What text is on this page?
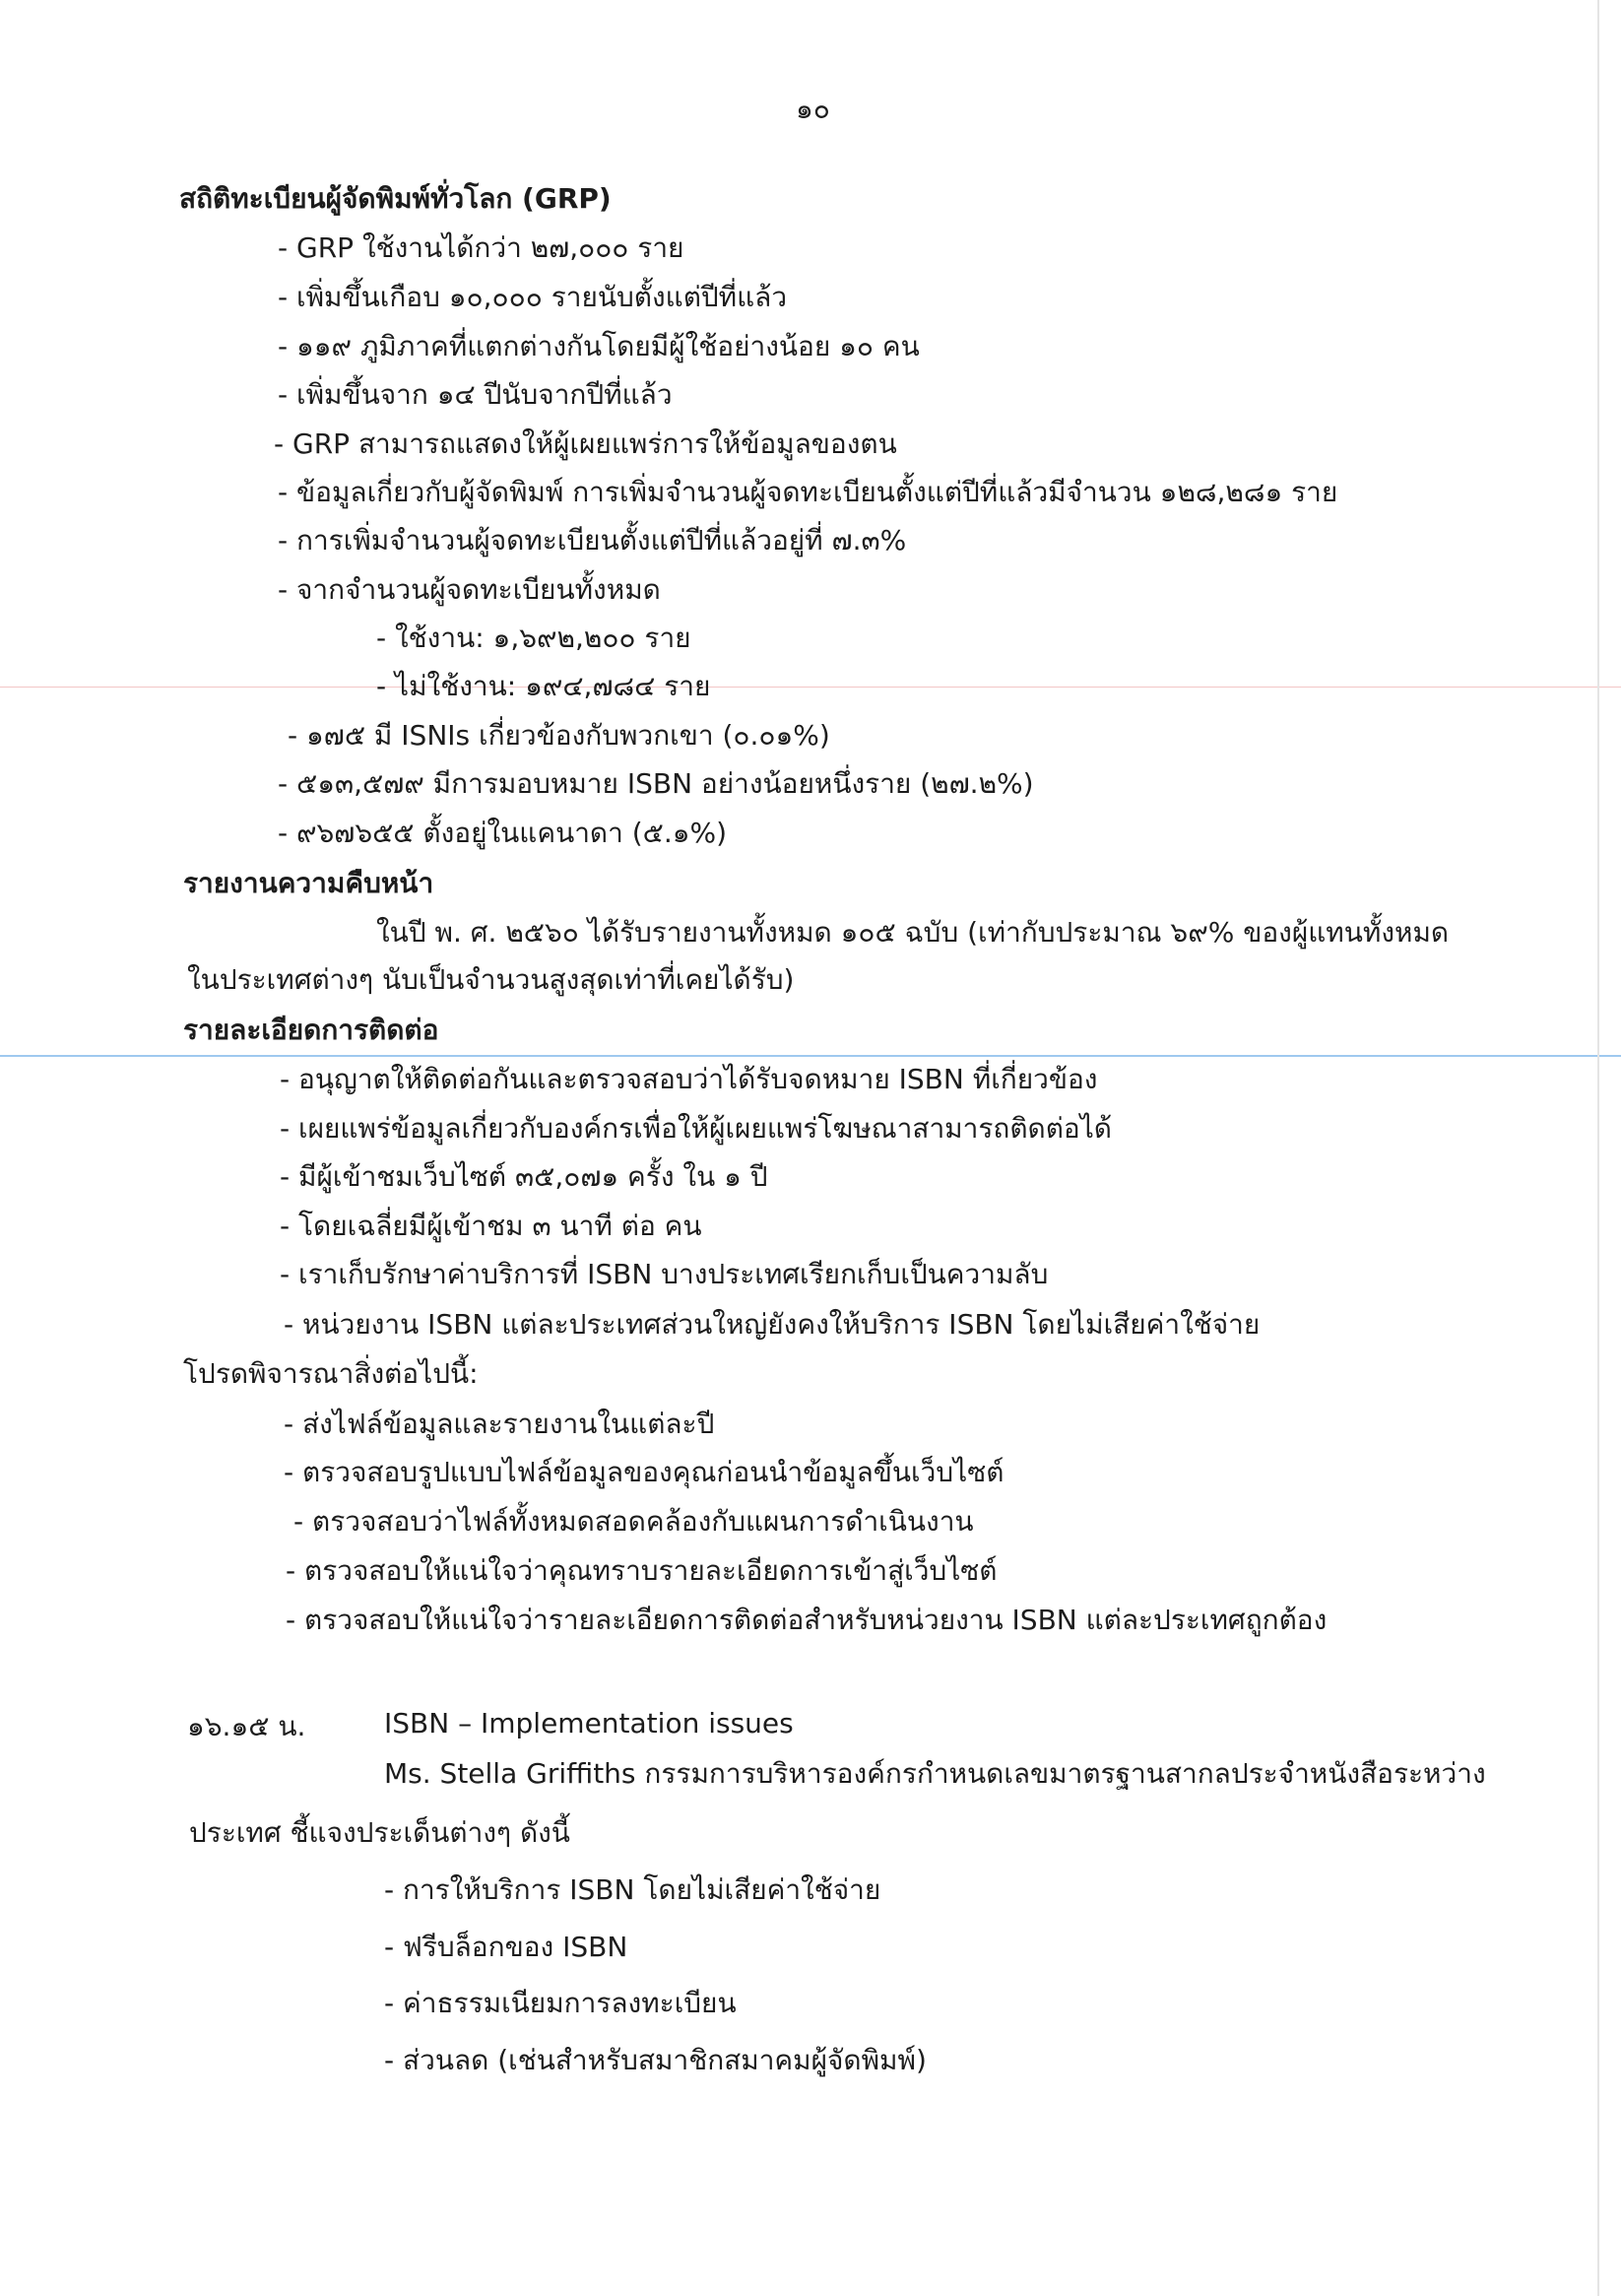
๑๐
สถิติทะเบียนผู้จัดพิมพ์ทั่วโลก (GRP)
- GRP ใช้งานได้กว่า ๒๗,๐๐๐ ราย
- เพิ่มขึ้นเกือบ ๑๐,๐๐๐ รายนับตั้งแต่ปีที่แล้ว
- ๑๑๙ ภูมิภาคที่แตกต่างกันโดยมีผู้ใช้อย่างน้อย ๑๐ คน
- เพิ่มขึ้นจาก ๑๔ ปีนับจากปีที่แล้ว
- GRP สามารถแสดงให้ผู้เผยแพร่การให้ข้อมูลของตน
- ข้อมูลเกี่ยวกับผู้จัดพิมพ์ การเพิ่มจำนวนผู้จดทะเบียนตั้งแต่ปีที่แล้วมีจำนวน ๑๒๘,๒๘๑ ราย
- การเพิ่มจำนวนผู้จดทะเบียนตั้งแต่ปีที่แล้วอยู่ที่ ๗.๓%
- จากจำนวนผู้จดทะเบียนทั้งหมด
- ใช้งาน: ๑,๖๙๒,๒๐๐ ราย
- ไม่ใช้งาน: ๑๙๔,๗๘๔ ราย
- ๑๗๕ มี ISNIs เกี่ยวข้องกับพวกเขา (๐.๐๑%)
- ๕๑๓,๕๗๙ มีการมอบหมาย ISBN อย่างน้อยหนึ่งราย (๒๗.๒%)
- ๙๖๗๖๕๕ ตั้งอยู่ในแคนาดา (๕.๑%)
รายงานความคืบหน้า
ในปี พ. ศ. ๒๕๖๐ ได้รับรายงานทั้งหมด ๑๐๕ ฉบับ (เท่ากับประมาณ ๖๙% ของผู้แทนทั้งหมด
ในประเทศต่างๆ นับเป็นจำนวนสูงสุดเท่าที่เคยได้รับ)
รายละเอียดการติดต่อ
- อนุญาตให้ติดต่อกันและตรวจสอบว่าได้รับจดหมาย ISBN ที่เกี่ยวข้อง
- เผยแพร่ข้อมูลเกี่ยวกับองค์กรเพื่อให้ผู้เผยแพร่โฆษณาสามารถติดต่อได้
- มีผู้เข้าชมเว็บไซต์ ๓๕,๐๗๑ ครั้ง ใน ๑ ปี
- โดยเฉลี่ยมีผู้เข้าชม ๓ นาที ต่อ คน
- เราเก็บรักษาค่าบริการที่ ISBN บางประเทศเรียกเก็บเป็นความลับ
- หน่วยงาน ISBN แต่ละประเทศส่วนใหญ่ยังคงให้บริการ ISBN โดยไม่เสียค่าใช้จ่าย
โปรดพิจารณาสิ่งต่อไปนี้:
- ส่งไฟล์ข้อมูลและรายงานในแต่ละปี
- ตรวจสอบรูปแบบไฟล์ข้อมูลของคุณก่อนนำข้อมูลขึ้นเว็บไซต์
- ตรวจสอบว่าไฟล์ทั้งหมดสอดคล้องกับแผนการดำเนินงาน
- ตรวจสอบให้แน่ใจว่าคุณทราบรายละเอียดการเข้าสู่เว็บไซต์
- ตรวจสอบให้แน่ใจว่ารายละเอียดการติดต่อสำหรับหน่วยงาน ISBN แต่ละประเทศถูกต้อง
๑๖.๑๕ น.	ISBN – Implementation issues
Ms. Stella Griffiths กรรมการบริหารองค์กรกำหนดเลขมาตรฐานสากลประจำหนังสือระหว่าง
ประเทศ ชี้แจงประเด็นต่างๆ ดังนี้
- การให้บริการ ISBN โดยไม่เสียค่าใช้จ่าย
- ฟรีบล็อกของ ISBN
- ค่าธรรมเนียมการลงทะเบียน
- ส่วนลด (เช่นสำหรับสมาชิกสมาคมผู้จัดพิมพ์)
